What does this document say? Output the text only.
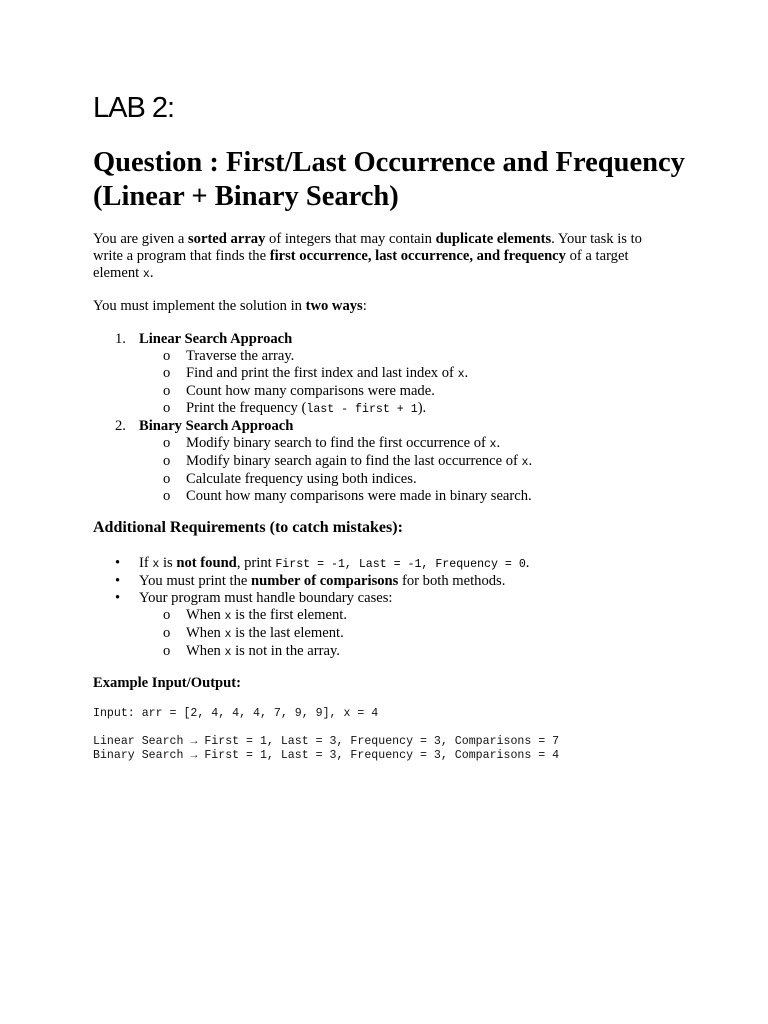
LAB 2:
Question : First/Last Occurrence and Frequency (Linear + Binary Search)

You are given a sorted array of integers that may contain duplicate elements. Your task is to write a program that finds the first occurrence, last occurrence, and frequency of a target element x.

You must implement the solution in two ways:

1. Linear Search Approach
o Traverse the array.
o Find and print the first index and last index of x.
o Count how many comparisons were made.
o Print the frequency (last - first + 1).
2. Binary Search Approach
o Modify binary search to find the first occurrence of x.
o Modify binary search again to find the last occurrence of x.
o Calculate frequency using both indices.
o Count how many comparisons were made in binary search.
Additional Requirements (to catch mistakes):
• If x is not found, print First = -1, Last = -1, Frequency = 0.
• You must print the number of comparisons for both methods.
• Your program must handle boundary cases:
o When x is the first element.
o When x is the last element.
o When x is not in the array.
Example Input/Output:
Input: arr = [2, 4, 4, 4, 7, 9, 9], x = 4
Linear Search → First = 1, Last = 3, Frequency = 3, Comparisons = 7
Binary Search → First = 1, Last = 3, Frequency = 3, Comparisons = 4
